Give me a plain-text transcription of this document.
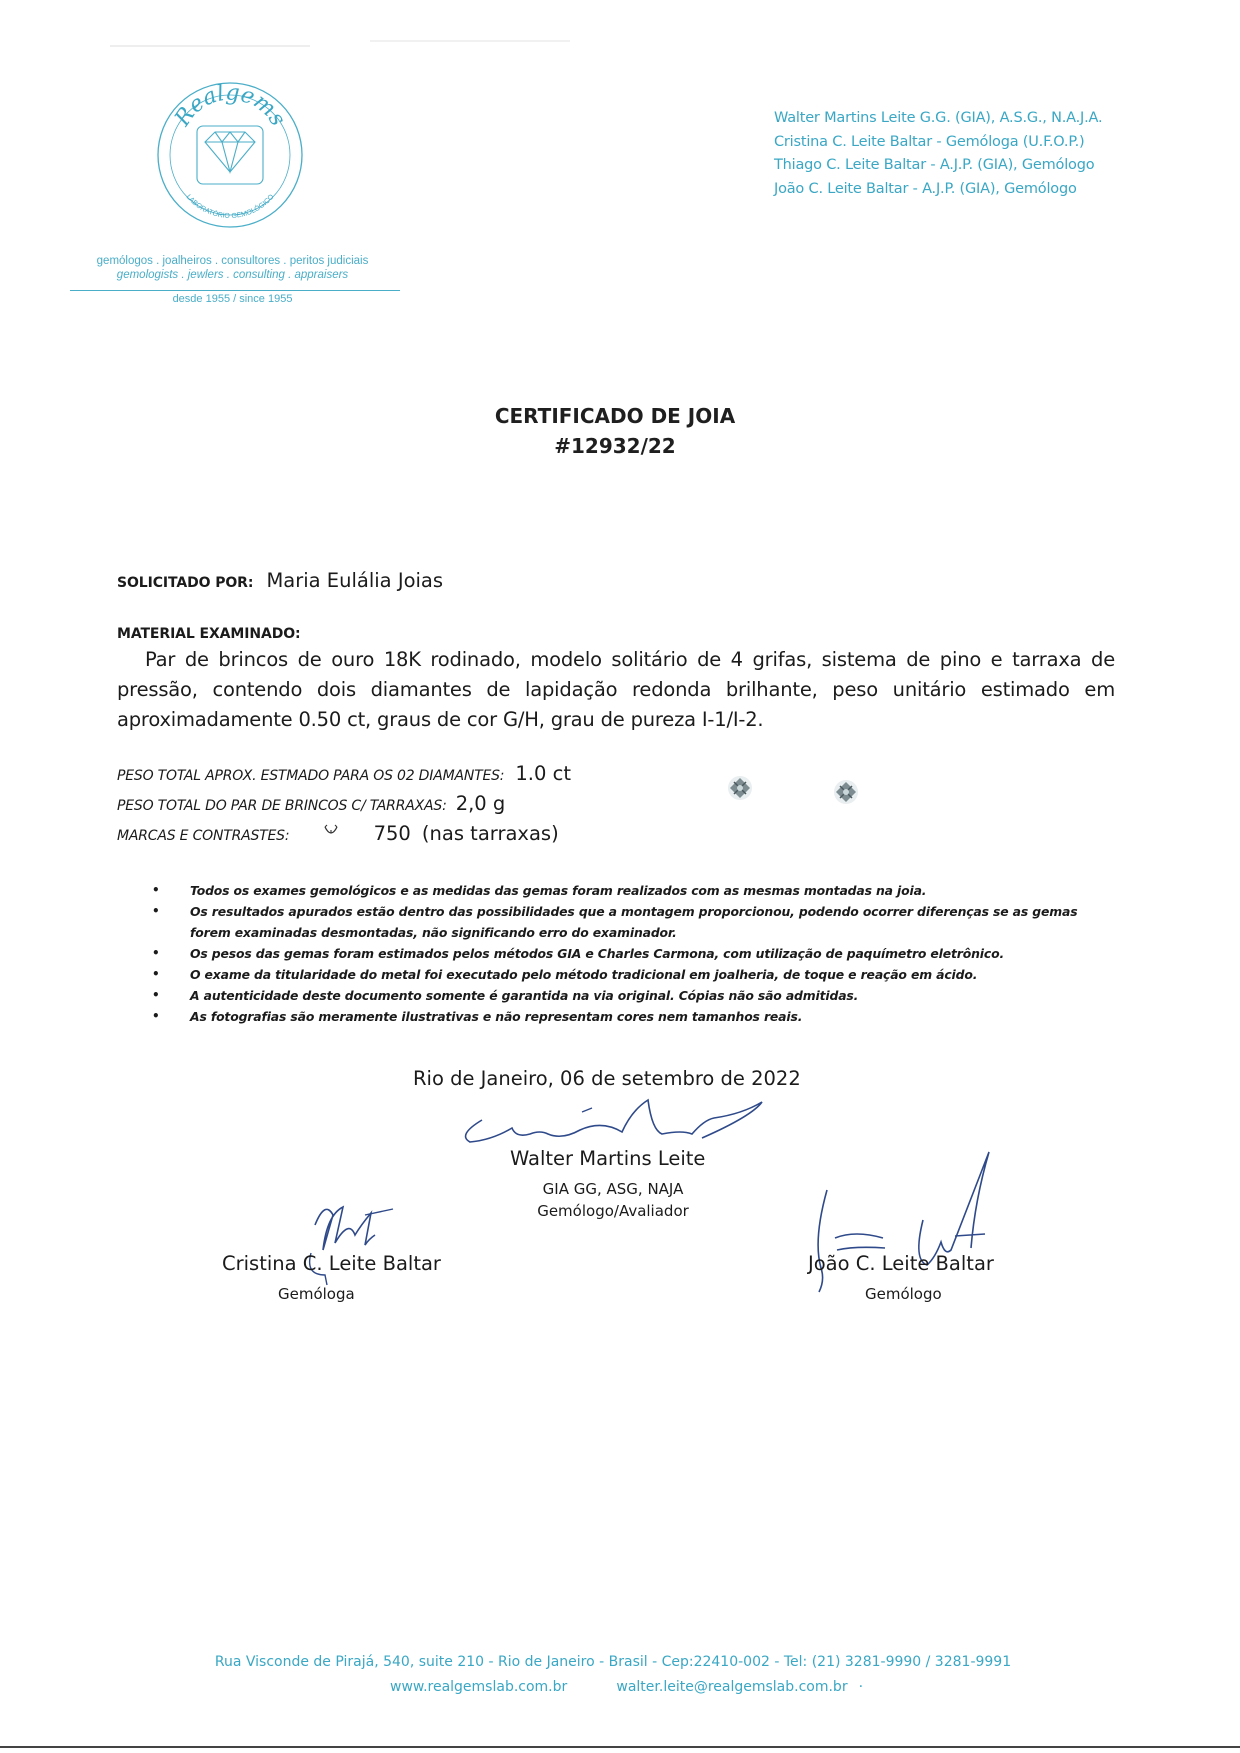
Realgems
LABORATÓRIO GEMOLÓGICO
gemólogos . joalheiros . consultores . peritos judiciais
gemologists . jewlers . consulting . appraisers
desde 1955 / since 1955
Walter Martins Leite G.G. (GIA), A.S.G., N.A.J.A.
Cristina C. Leite Baltar - Gemóloga (U.F.O.P.)
Thiago C. Leite Baltar - A.J.P. (GIA), Gemólogo
João C. Leite Baltar - A.J.P. (GIA), Gemólogo
CERTIFICADO DE JOIA
#12932/22
SOLICITADO POR: Maria Eulália Joias
MATERIAL EXAMINADO:
Par de brincos de ouro 18K rodinado, modelo solitário de 4 grifas, sistema de pino e tarraxa de pressão, contendo dois diamantes de lapidação redonda brilhante, peso unitário estimado em aproximadamente 0.50 ct, graus de cor G/H, grau de pureza I-1/I-2.
PESO TOTAL APROX. ESTMADO PARA OS 02 DIAMANTES: 1.0 ct
PESO TOTAL DO PAR DE BRINCOS C/ TARRAXAS: 2,0 g
MARCAS E CONTRASTES:	750 (nas tarraxas)
•	Todos os exames gemológicos e as medidas das gemas foram realizados com as mesmas montadas na joia.
•	Os resultados apurados estão dentro das possibilidades que a montagem proporcionou, podendo ocorrer diferenças se as gemas forem examinadas desmontadas, não significando erro do examinador.
•	Os pesos das gemas foram estimados pelos métodos GIA e Charles Carmona, com utilização de paquímetro eletrônico.
•	O exame da titularidade do metal foi executado pelo método tradicional em joalheria, de toque e reação em ácido.
•	A autenticidade deste documento somente é garantida na via original. Cópias não são admitidas.
•	As fotografias são meramente ilustrativas e não representam cores nem tamanhos reais.
Rio de Janeiro, 06 de setembro de 2022
Walter Martins Leite
GIA GG, ASG, NAJA
Gemólogo/Avaliador
Cristina C. Leite Baltar
Gemóloga
João C. Leite Baltar
Gemólogo
Rua Visconde de Pirajá, 540, suite 210 - Rio de Janeiro - Brasil - Cep:22410-002 - Tel: (21) 3281-9990 / 3281-9991
www.realgemslab.com.br	walter.leite@realgemslab.com.br ·
